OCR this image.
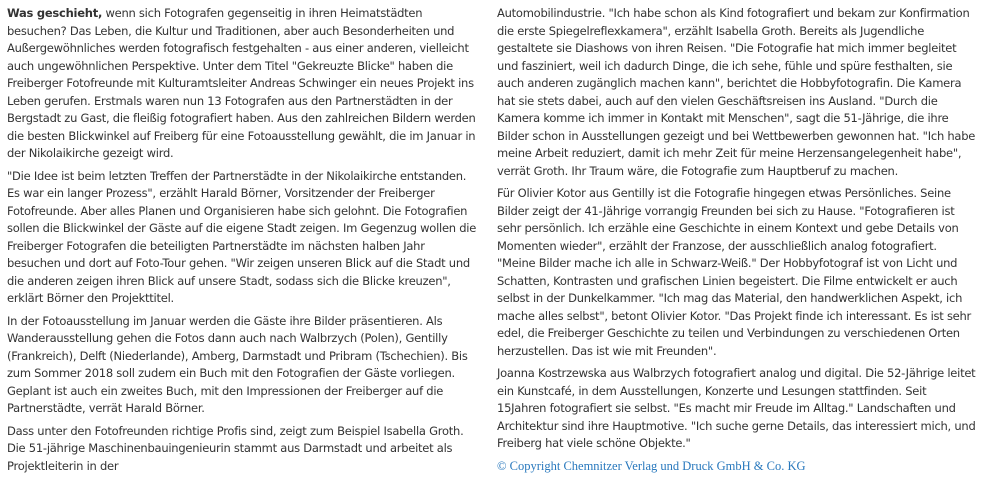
Was geschieht, wenn sich Fotografen gegenseitig in ihren Heimatstädten besuchen? Das Leben, die Kultur und Traditionen, aber auch Besonderheiten und Außergewöhnliches werden fotografisch festgehalten - aus einer anderen, vielleicht auch ungewöhnlichen Perspektive. Unter dem Titel "Gekreuzte Blicke" haben die Freiberger Fotofreunde mit Kulturamtsleiter Andreas Schwinger ein neues Projekt ins Leben gerufen. Erstmals waren nun 13 Fotografen aus den Partnerstädten in der Bergstadt zu Gast, die fleißig fotografiert haben. Aus den zahlreichen Bildern werden die besten Blickwinkel auf Freiberg für eine Fotoausstellung gewählt, die im Januar in der Nikolaikirche gezeigt wird.

"Die Idee ist beim letzten Treffen der Partnerstädte in der Nikolaikirche entstanden. Es war ein langer Prozess", erzählt Harald Börner, Vorsitzender der Freiberger Fotofreunde. Aber alles Planen und Organisieren habe sich gelohnt. Die Fotografien sollen die Blickwinkel der Gäste auf die eigene Stadt zeigen. Im Gegenzug wollen die Freiberger Fotografen die beteiligten Partnerstädte im nächsten halben Jahr besuchen und dort auf Foto-Tour gehen. "Wir zeigen unseren Blick auf die Stadt und die anderen zeigen ihren Blick auf unsere Stadt, sodass sich die Blicke kreuzen", erklärt Börner den Projekttitel.

In der Fotoausstellung im Januar werden die Gäste ihre Bilder präsentieren. Als Wanderausstellung gehen die Fotos dann auch nach Walbrzych (Polen), Gentilly (Frankreich), Delft (Niederlande), Amberg, Darmstadt und Pribram (Tschechien). Bis zum Sommer 2018 soll zudem ein Buch mit den Fotografien der Gäste vorliegen. Geplant ist auch ein zweites Buch, mit den Impressionen der Freiberger auf die Partnerstädte, verrät Harald Börner.

Dass unter den Fotofreunden richtige Profis sind, zeigt zum Beispiel Isabella Groth. Die 51-jährige Maschinenbauingenieurin stammt aus Darmstadt und arbeitet als Projektleiterin in der

Automobilindustrie. "Ich habe schon als Kind fotografiert und bekam zur Konfirmation die erste Spiegelreflexkamera", erzählt Isabella Groth. Bereits als Jugendliche gestaltete sie Diashows von ihren Reisen. "Die Fotografie hat mich immer begleitet und fasziniert, weil ich dadurch Dinge, die ich sehe, fühle und spüre festhalten, sie auch anderen zugänglich machen kann", berichtet die Hobbyfotografin. Die Kamera hat sie stets dabei, auch auf den vielen Geschäftsreisen ins Ausland. "Durch die Kamera komme ich immer in Kontakt mit Menschen", sagt die 51-Jährige, die ihre Bilder schon in Ausstellungen gezeigt und bei Wettbewerben gewonnen hat. "Ich habe meine Arbeit reduziert, damit ich mehr Zeit für meine Herzensangelegenheit habe", verrät Groth. Ihr Traum wäre, die Fotografie zum Hauptberuf zu machen.

Für Olivier Kotor aus Gentilly ist die Fotografie hingegen etwas Persönliches. Seine Bilder zeigt der 41-Jährige vorrangig Freunden bei sich zu Hause. "Fotografieren ist sehr persönlich. Ich erzähle eine Geschichte in einem Kontext und gebe Details von Momenten wieder", erzählt der Franzose, der ausschließlich analog fotografiert. "Meine Bilder mache ich alle in Schwarz-Weiß." Der Hobbyfotograf ist von Licht und Schatten, Kontrasten und grafischen Linien begeistert. Die Filme entwickelt er auch selbst in der Dunkelkammer. "Ich mag das Material, den handwerklichen Aspekt, ich mache alles selbst", betont Olivier Kotor. "Das Projekt finde ich interessant. Es ist sehr edel, die Freiberger Geschichte zu teilen und Verbindungen zu verschiedenen Orten herzustellen. Das ist wie mit Freunden".

Joanna Kostrzewska aus Walbrzych fotografiert analog und digital. Die 52-Jährige leitet ein Kunstcafé, in dem Ausstellungen, Konzerte und Lesungen stattfinden. Seit 15Jahren fotografiert sie selbst. "Es macht mir Freude im Alltag." Landschaften und Architektur sind ihre Hauptmotive. "Ich suche gerne Details, das interessiert mich, und Freiberg hat viele schöne Objekte."

© Copyright Chemnitzer Verlag und Druck GmbH & Co. KG
